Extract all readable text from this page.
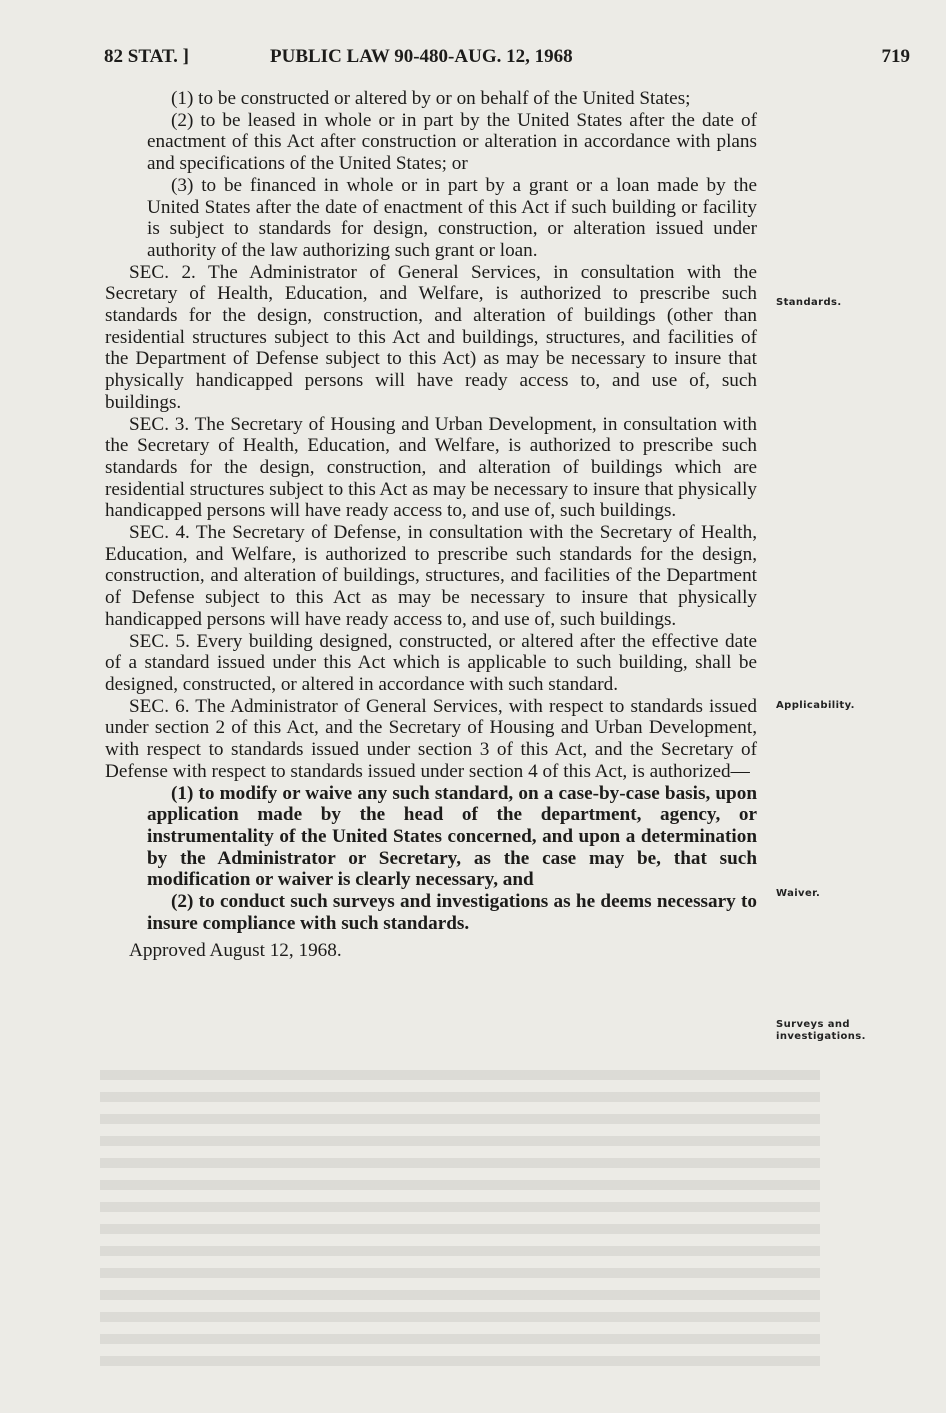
82 STAT. ]	PUBLIC LAW 90-480-AUG. 12, 1968	719

(1) to be constructed or altered by or on behalf of the United States;

(2) to be leased in whole or in part by the United States after the date of enactment of this Act after construction or alteration in accordance with plans and specifications of the United States; or

(3) to be financed in whole or in part by a grant or a loan made by the United States after the date of enactment of this Act if such building or facility is subject to standards for design, construction, or alteration issued under authority of the law authorizing such grant or loan.

SEC. 2. The Administrator of General Services, in consultation with the Secretary of Health, Education, and Welfare, is authorized to prescribe such standards for the design, construction, and alteration of buildings (other than residential structures subject to this Act and buildings, structures, and facilities of the Department of Defense subject to this Act) as may be necessary to insure that physically handicapped persons will have ready access to, and use of, such buildings.

SEC. 3. The Secretary of Housing and Urban Development, in consultation with the Secretary of Health, Education, and Welfare, is authorized to prescribe such standards for the design, construction, and alteration of buildings which are residential structures subject to this Act as may be necessary to insure that physically handicapped persons will have ready access to, and use of, such buildings.

SEC. 4. The Secretary of Defense, in consultation with the Secretary of Health, Education, and Welfare, is authorized to prescribe such standards for the design, construction, and alteration of buildings, structures, and facilities of the Department of Defense subject to this Act as may be necessary to insure that physically handicapped persons will have ready access to, and use of, such buildings.

SEC. 5. Every building designed, constructed, or altered after the effective date of a standard issued under this Act which is applicable to such building, shall be designed, constructed, or altered in accordance with such standard.

SEC. 6. The Administrator of General Services, with respect to standards issued under section 2 of this Act, and the Secretary of Housing and Urban Development, with respect to standards issued under section 3 of this Act, and the Secretary of Defense with respect to standards issued under section 4 of this Act, is authorized—

(1) to modify or waive any such standard, on a case-by-case basis, upon application made by the head of the department, agency, or instrumentality of the United States concerned, and upon a determination by the Administrator or Secretary, as the case may be, that such modification or waiver is clearly necessary, and

(2) to conduct such surveys and investigations as he deems necessary to insure compliance with such standards.

Approved August 12, 1968.

Standards.
Applicability.
Waiver.
Surveys and investigations.
